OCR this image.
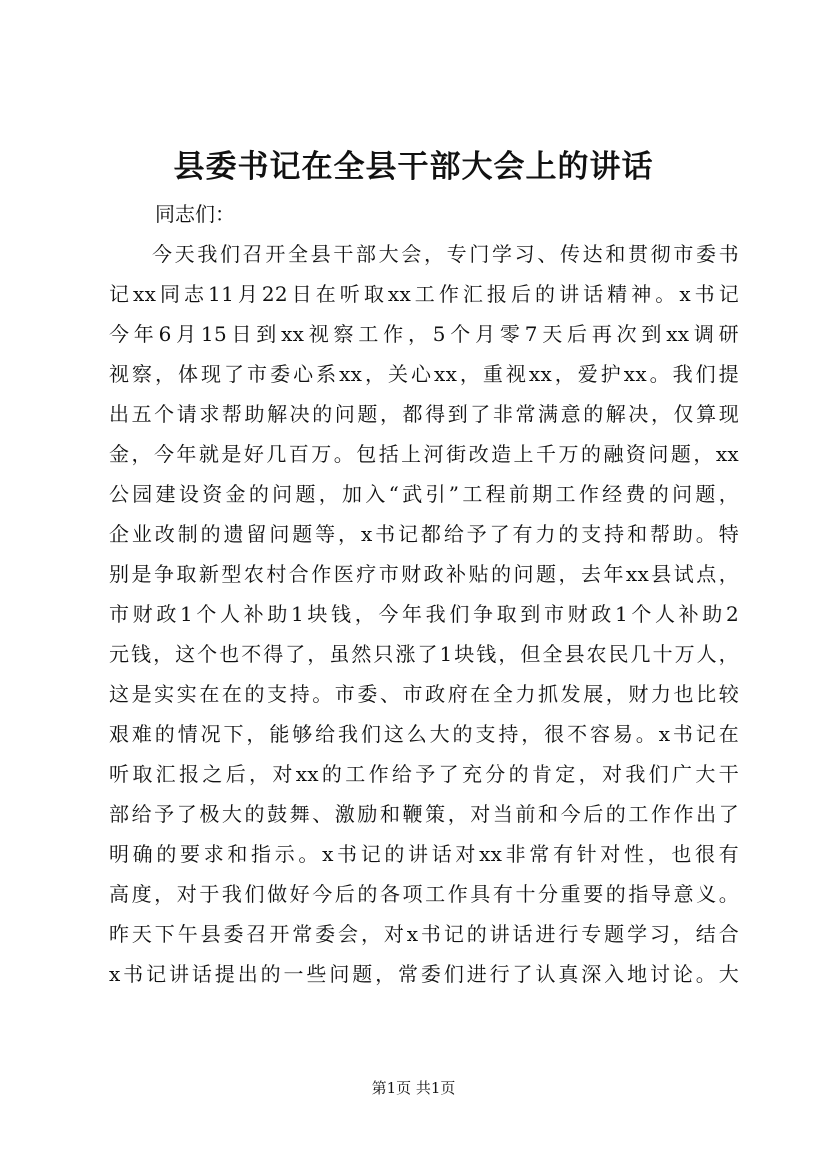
县委书记在全县干部大会上的讲话

同志们：

今天我们召开全县干部大会，专门学习、传达和贯彻市委书
记xx同志11月22日在听取xx工作汇报后的讲话精神。x书记
今年6月15日到xx视察工作，5个月零7天后再次到xx调研
视察，体现了市委心系xx，关心xx，重视xx，爱护xx。我们提
出五个请求帮助解决的问题，都得到了非常满意的解决，仅算现
金，今年就是好几百万。包括上河街改造上千万的融资问题，xx
公园建设资金的问题，加入“武引”工程前期工作经费的问题，
企业改制的遗留问题等，x书记都给予了有力的支持和帮助。特
别是争取新型农村合作医疗市财政补贴的问题，去年xx县试点，
市财政1个人补助1块钱，今年我们争取到市财政1个人补助2
元钱，这个也不得了，虽然只涨了1块钱，但全县农民几十万人，
这是实实在在的支持。市委、市政府在全力抓发展，财力也比较
艰难的情况下，能够给我们这么大的支持，很不容易。x书记在
听取汇报之后，对xx的工作给予了充分的肯定，对我们广大干
部给予了极大的鼓舞、激励和鞭策，对当前和今后的工作作出了
明确的要求和指示。x书记的讲话对xx非常有针对性，也很有
高度，对于我们做好今后的各项工作具有十分重要的指导意义。
昨天下午县委召开常委会，对x书记的讲话进行专题学习，结合
x书记讲话提出的一些问题，常委们进行了认真深入地讨论。大
第1页 共1页
